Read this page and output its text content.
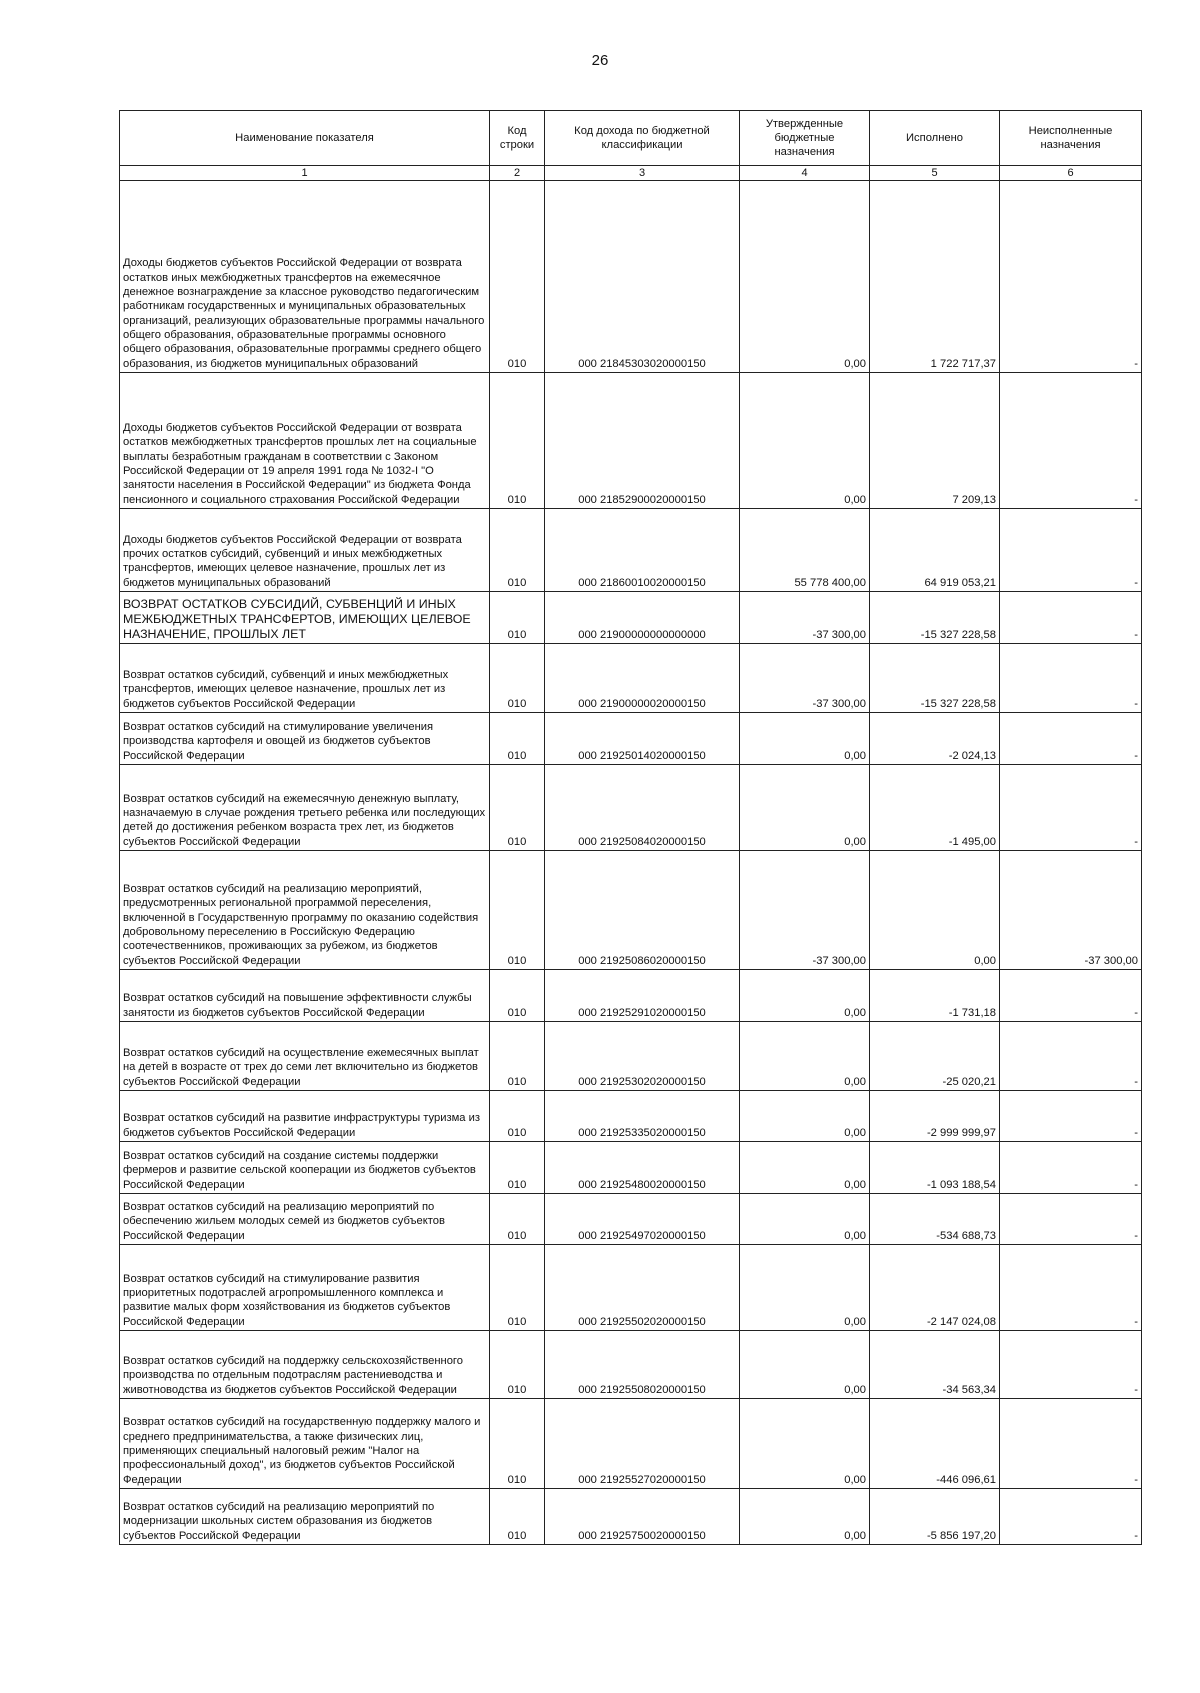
26
Наименование показателя	Код строки	Код дохода по бюджетной классификации	Утвержденные бюджетные назначения	Исполнено	Неисполненные назначения
1	2	3	4	5	6

Доходы бюджетов субъектов Российской Федерации от возврата остатков иных межбюджетных трансфертов на ежемесячное денежное вознаграждение за классное руководство педагогическим работникам государственных и муниципальных образовательных организаций, реализующих образовательные программы начального общего образования, образовательные программы основного общего образования, образовательные программы среднего общего образования, из бюджетов муниципальных образований	010	000 21845303020000150	0,00	1 722 717,37	-

Доходы бюджетов субъектов Российской Федерации от возврата остатков межбюджетных трансфертов прошлых лет на социальные выплаты безработным гражданам в соответствии с Законом Российской Федерации от 19 апреля 1991 года № 1032-I "О занятости населения в Российской Федерации" из бюджета Фонда пенсионного и социального страхования Российской Федерации	010	000 21852900020000150	0,00	7 209,13	-

Доходы бюджетов субъектов Российской Федерации от возврата прочих остатков субсидий, субвенций и иных межбюджетных трансфертов, имеющих целевое назначение, прошлых лет из бюджетов муниципальных образований	010	000 21860010020000150	55 778 400,00	64 919 053,21	-

ВОЗВРАТ ОСТАТКОВ СУБСИДИЙ, СУБВЕНЦИЙ И ИНЫХ МЕЖБЮДЖЕТНЫХ ТРАНСФЕРТОВ, ИМЕЮЩИХ ЦЕЛЕВОЕ НАЗНАЧЕНИЕ, ПРОШЛЫХ ЛЕТ	010	000 21900000000000000	-37 300,00	-15 327 228,58	-

Возврат остатков субсидий, субвенций и иных межбюджетных трансфертов, имеющих целевое назначение, прошлых лет из бюджетов субъектов Российской Федерации	010	000 21900000020000150	-37 300,00	-15 327 228,58	-

Возврат остатков субсидий на стимулирование увеличения производства картофеля и овощей из бюджетов субъектов Российской Федерации	010	000 21925014020000150	0,00	-2 024,13	-

Возврат остатков субсидий на ежемесячную денежную выплату, назначаемую в случае рождения третьего ребенка или последующих детей до достижения ребенком возраста трех лет, из бюджетов субъектов Российской Федерации	010	000 21925084020000150	0,00	-1 495,00	-

Возврат остатков субсидий на реализацию мероприятий, предусмотренных региональной программой переселения, включенной в Государственную программу по оказанию содействия добровольному переселению в Российскую Федерацию соотечественников, проживающих за рубежом, из бюджетов субъектов Российской Федерации	010	000 21925086020000150	-37 300,00	0,00	-37 300,00

Возврат остатков субсидий на повышение эффективности службы занятости из бюджетов субъектов Российской Федерации	010	000 21925291020000150	0,00	-1 731,18	-

Возврат остатков субсидий на осуществление ежемесячных выплат на детей в возрасте от трех до семи лет включительно из бюджетов субъектов Российской Федерации	010	000 21925302020000150	0,00	-25 020,21	-

Возврат остатков субсидий на развитие инфраструктуры туризма из бюджетов субъектов Российской Федерации	010	000 21925335020000150	0,00	-2 999 999,97	-

Возврат остатков субсидий на создание системы поддержки фермеров и развитие сельской кооперации из бюджетов субъектов Российской Федерации	010	000 21925480020000150	0,00	-1 093 188,54	-

Возврат остатков субсидий на реализацию мероприятий по обеспечению жильем молодых семей из бюджетов субъектов Российской Федерации	010	000 21925497020000150	0,00	-534 688,73	-

Возврат остатков субсидий на стимулирование развития приоритетных подотраслей агропромышленного комплекса и развитие малых форм хозяйствования из бюджетов субъектов Российской Федерации	010	000 21925502020000150	0,00	-2 147 024,08	-

Возврат остатков субсидий на поддержку сельскохозяйственного производства по отдельным подотраслям растениеводства и животноводства из бюджетов субъектов Российской Федерации	010	000 21925508020000150	0,00	-34 563,34	-

Возврат остатков субсидий на государственную поддержку малого и среднего предпринимательства, а также физических лиц, применяющих специальный налоговый режим "Налог на профессиональный доход", из бюджетов субъектов Российской Федерации	010	000 21925527020000150	0,00	-446 096,61	-

Возврат остатков субсидий на реализацию мероприятий по модернизации школьных систем образования из бюджетов субъектов Российской Федерации	010	000 21925750020000150	0,00	-5 856 197,20	-
